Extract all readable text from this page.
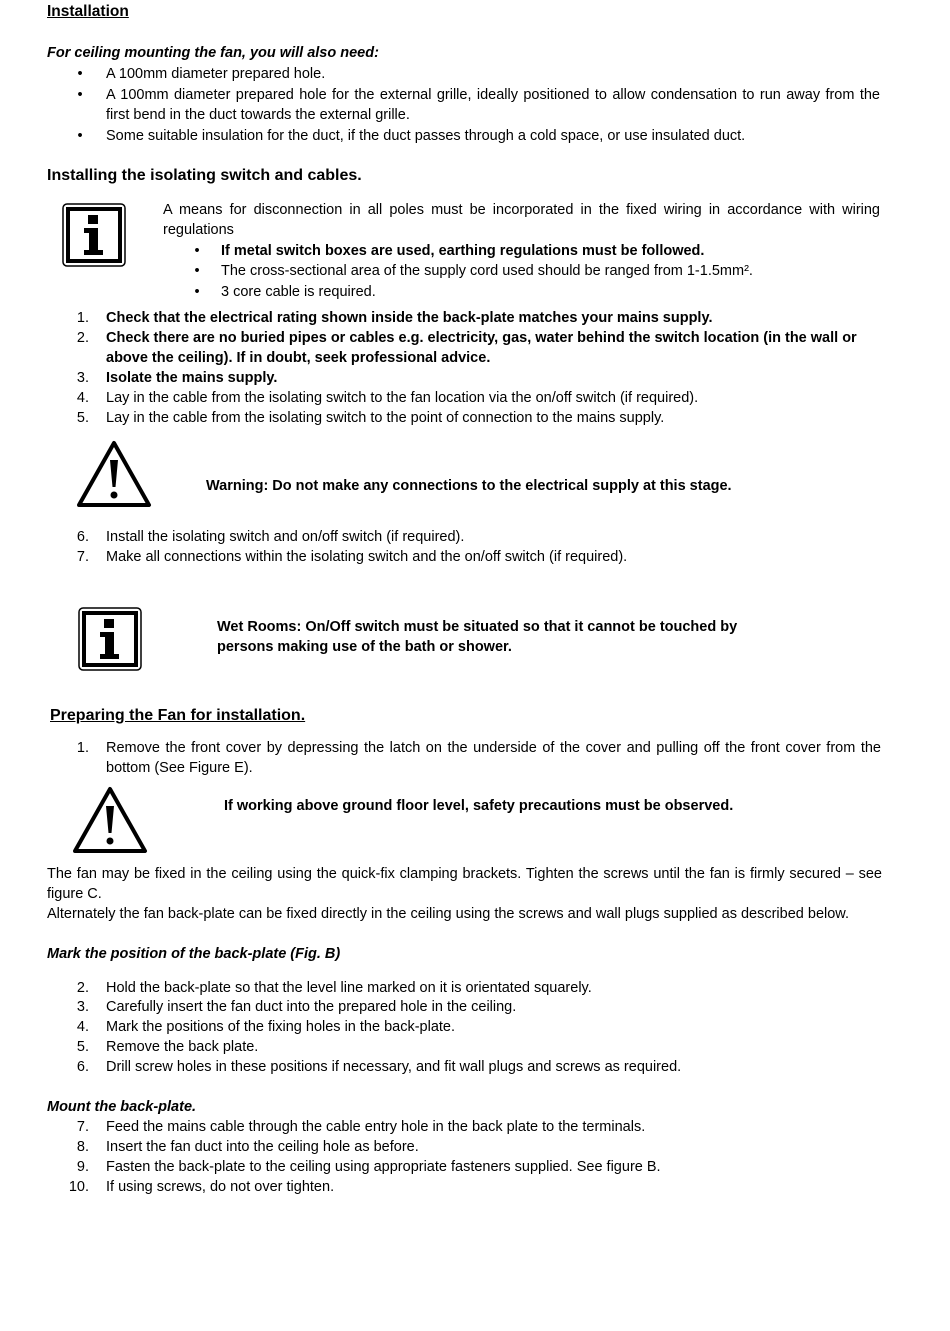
Installation
For ceiling mounting the fan, you will also need:
• A 100mm diameter prepared hole.
• A 100mm diameter prepared hole for the external grille, ideally positioned to allow condensation to run away from the first bend in the duct towards the external grille.
• Some suitable insulation for the duct, if the duct passes through a cold space, or use insulated duct.
Installing the isolating switch and cables.
A means for disconnection in all poles must be incorporated in the fixed wiring in accordance with wiring regulations
• If metal switch boxes are used, earthing regulations must be followed.
• The cross-sectional area of the supply cord used should be ranged from 1-1.5mm².
• 3 core cable is required.
1. Check that the electrical rating shown inside the back-plate matches your mains supply.
2. Check there are no buried pipes or cables e.g. electricity, gas, water behind the switch location (in the wall or above the ceiling). If in doubt, seek professional advice.
3. Isolate the mains supply.
4. Lay in the cable from the isolating switch to the fan location via the on/off switch (if required).
5. Lay in the cable from the isolating switch to the point of connection to the mains supply.
Warning: Do not make any connections to the electrical supply at this stage.
6. Install the isolating switch and on/off switch (if required).
7. Make all connections within the isolating switch and the on/off switch (if required).
Wet Rooms: On/Off switch must be situated so that it cannot be touched by
persons making use of the bath or shower.
Preparing the Fan for installation.
1. Remove the front cover by depressing the latch on the underside of the cover and pulling off the front cover from the bottom (See Figure E).
If working above ground floor level, safety precautions must be observed.
The fan may be fixed in the ceiling using the quick-fix clamping brackets. Tighten the screws until the fan is firmly secured – see figure C.
Alternately the fan back-plate can be fixed directly in the ceiling using the screws and wall plugs supplied as described below.
Mark the position of the back-plate (Fig. B)
2. Hold the back-plate so that the level line marked on it is orientated squarely.
3. Carefully insert the fan duct into the prepared hole in the ceiling.
4. Mark the positions of the fixing holes in the back-plate.
5. Remove the back plate.
6. Drill screw holes in these positions if necessary, and fit wall plugs and screws as required.
Mount the back-plate.
7. Feed the mains cable through the cable entry hole in the back plate to the terminals.
8. Insert the fan duct into the ceiling hole as before.
9. Fasten the back-plate to the ceiling using appropriate fasteners supplied. See figure B.
10. If using screws, do not over tighten.
